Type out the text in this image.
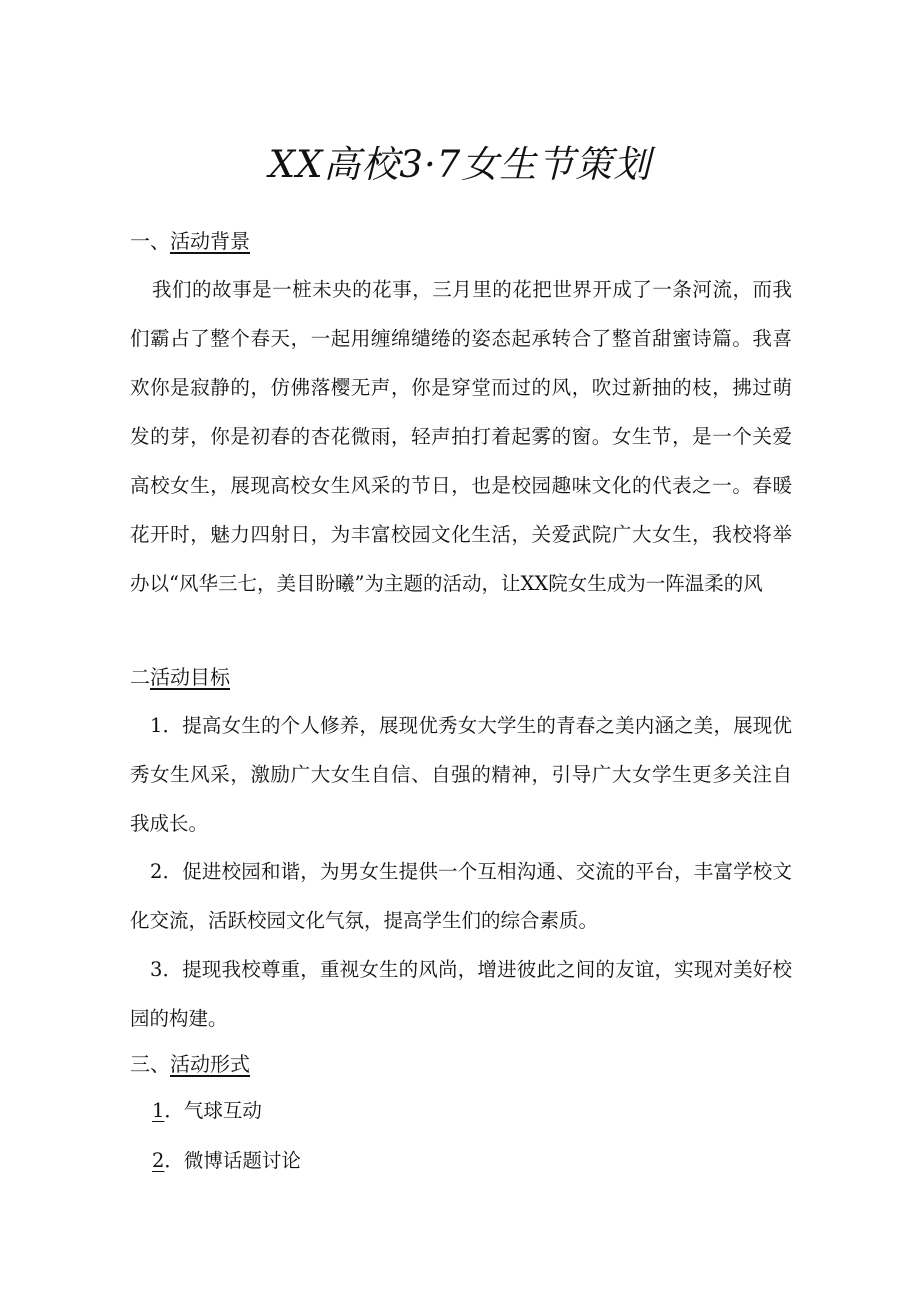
XX高校3·7女生节策划
一、活动背景

我们的故事是一桩未央的花事，三月里的花把世界开成了一条河流，而我们霸占了整个春天，一起用缠绵缱绻的姿态起承转合了整首甜蜜诗篇。我喜欢你是寂静的，仿佛落樱无声，你是穿堂而过的风，吹过新抽的枝，拂过萌发的芽，你是初春的杏花微雨，轻声拍打着起雾的窗。女生节，是一个关爱高校女生，展现高校女生风采的节日，也是校园趣味文化的代表之一。春暖花开时，魅力四射日，为丰富校园文化生活，关爱武院广大女生，我校将举办以“风华三七，美目盼曦”为主题的活动，让XX院女生成为一阵温柔的风

二活动目标

1．提高女生的个人修养，展现优秀女大学生的青春之美内涵之美，展现优秀女生风采，激励广大女生自信、自强的精神，引导广大女学生更多关注自我成长。

2．促进校园和谐，为男女生提供一个互相沟通、交流的平台，丰富学校文化交流，活跃校园文化气氛，提高学生们的综合素质。

3．提现我校尊重，重视女生的风尚，增进彼此之间的友谊，实现对美好校园的构建。

三、活动形式

1．气球互动

2．微博话题讨论
